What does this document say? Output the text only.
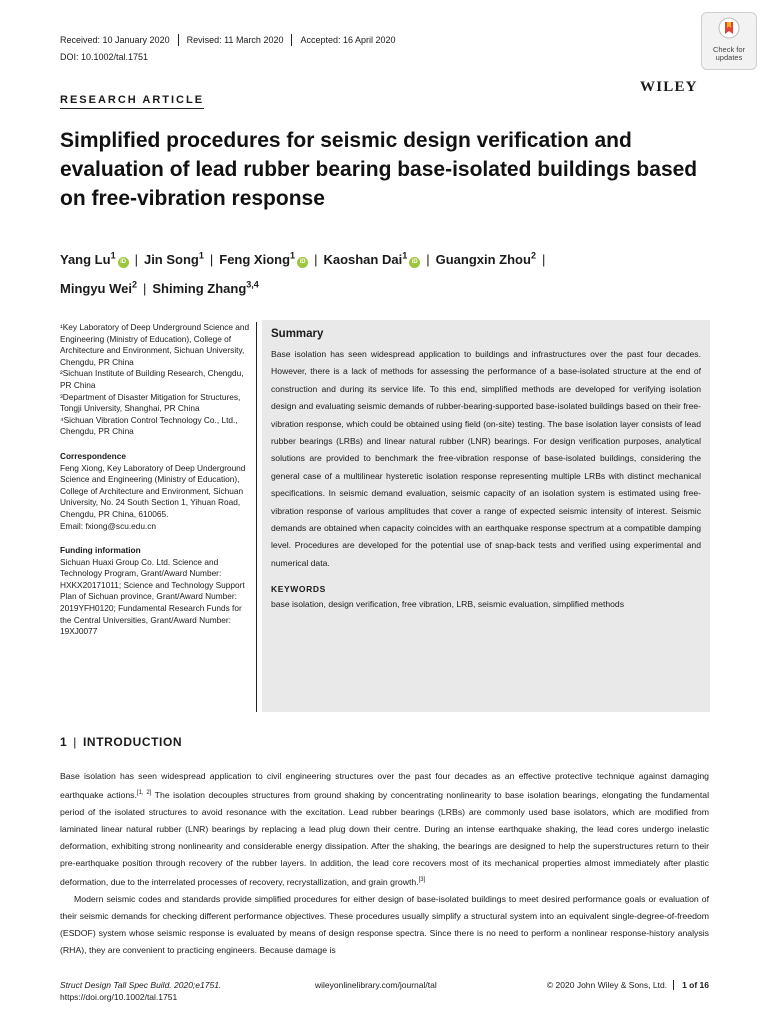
Received: 10 January 2020	Revised: 11 March 2020	Accepted: 16 April 2020
DOI: 10.1002/tal.1751
Check for
updates
WILEY
RESEARCH ARTICLE
Simplified procedures for seismic design verification and evaluation of lead rubber bearing base-isolated buildings based on free-vibration response
Yang Lu$^1$iD | Jin Song$^1$ | Feng Xiong$^1$iD | Kaoshan Dai$^1$iD | Guangxin Zhou$^2$ |
Mingyu Wei$^2$ | Shiming Zhang$^{3,4}$

¹Key Laboratory of Deep Underground Science and Engineering (Ministry of Education), College of Architecture and Environment, Sichuan University, Chengdu, PR China

²Sichuan Institute of Building Research, Chengdu, PR China

³Department of Disaster Mitigation for Structures, Tongji University, Shanghai, PR China

⁴Sichuan Vibration Control Technology Co., Ltd., Chengdu, PR China

Correspondence

Feng Xiong, Key Laboratory of Deep Underground Science and Engineering (Ministry of Education), College of Architecture and Environment, Sichuan University, No. 24 South Section 1, Yihuan Road, Chengdu, PR China, 610065.

Email: fxiong@scu.edu.cn

Funding information

Sichuan Huaxi Group Co. Ltd. Science and Technology Program, Grant/Award Number: HXKX20171011; Science and Technology Support Plan of Sichuan province, Grant/Award Number: 2019YFH0120; Fundamental Research Funds for the Central Universities, Grant/Award Number: 19XJ0077

Summary
Base isolation has seen widespread application to buildings and infrastructures over the past four decades. However, there is a lack of methods for assessing the performance of a base-isolated structure at the end of construction and during its service life. To this end, simplified methods are developed for verifying isolation design and evaluating seismic demands of rubber-bearing-supported base-isolated buildings based on their free-vibration response, which could be obtained using field (on-site) testing. The base isolation layer consists of lead rubber bearings (LRBs) and linear natural rubber (LNR) bearings. For design verification purposes, analytical solutions are provided to benchmark the free-vibration response of base-isolated buildings, considering the general case of a multilinear hysteretic isolation response representing multiple LRBs with distinct mechanical specifications. In seismic demand evaluation, seismic capacity of an isolation system is estimated using free-vibration response of various amplitudes that cover a range of expected seismic intensity of interest. Seismic demands are obtained when capacity coincides with an earthquake response spectrum at a compatible damping level. Procedures are developed for the potential use of snap-back tests and verified using experimental and numerical data.
KEYWORDS
base isolation, design verification, free vibration, LRB, seismic evaluation, simplified methods
1 | INTRODUCTION

Base isolation has seen widespread application to civil engineering structures over the past four decades as an effective protective technique against damaging earthquake actions.[1, 2] The isolation decouples structures from ground shaking by concentrating nonlinearity to base isolation bearings, elongating the fundamental period of the isolated structures to avoid resonance with the excitation. Lead rubber bearings (LRBs) are commonly used base isolators, which are modified from laminated linear natural rubber (LNR) bearings by replacing a lead plug down their centre. During an intense earthquake shaking, the lead cores undergo inelastic deformation, exhibiting strong nonlinearity and considerable energy dissipation. After the shaking, the bearings are designed to help the superstructures return to their pre-earthquake position through recovery of the rubber layers. In addition, the lead core recovers most of its mechanical properties almost immediately after plastic deformation, due to the interrelated processes of recovery, recrystallization, and grain growth.[3]

Modern seismic codes and standards provide simplified procedures for either design of base-isolated buildings to meet desired performance goals or evaluation of their seismic demands for checking different performance objectives. These procedures usually simplify a structural system into an equivalent single-degree-of-freedom (ESDOF) system whose seismic response is evaluated by means of design response spectra. Since there is no need to perform a nonlinear response-history analysis (RHA), they are convenient to practicing engineers. Because damage is

Struct Design Tall Spec Build. 2020;e1751.
https://doi.org/10.1002/tal.1751
wileyonlinelibrary.com/journal/tal	© 2020 John Wiley & Sons, Ltd. 1 of 16
